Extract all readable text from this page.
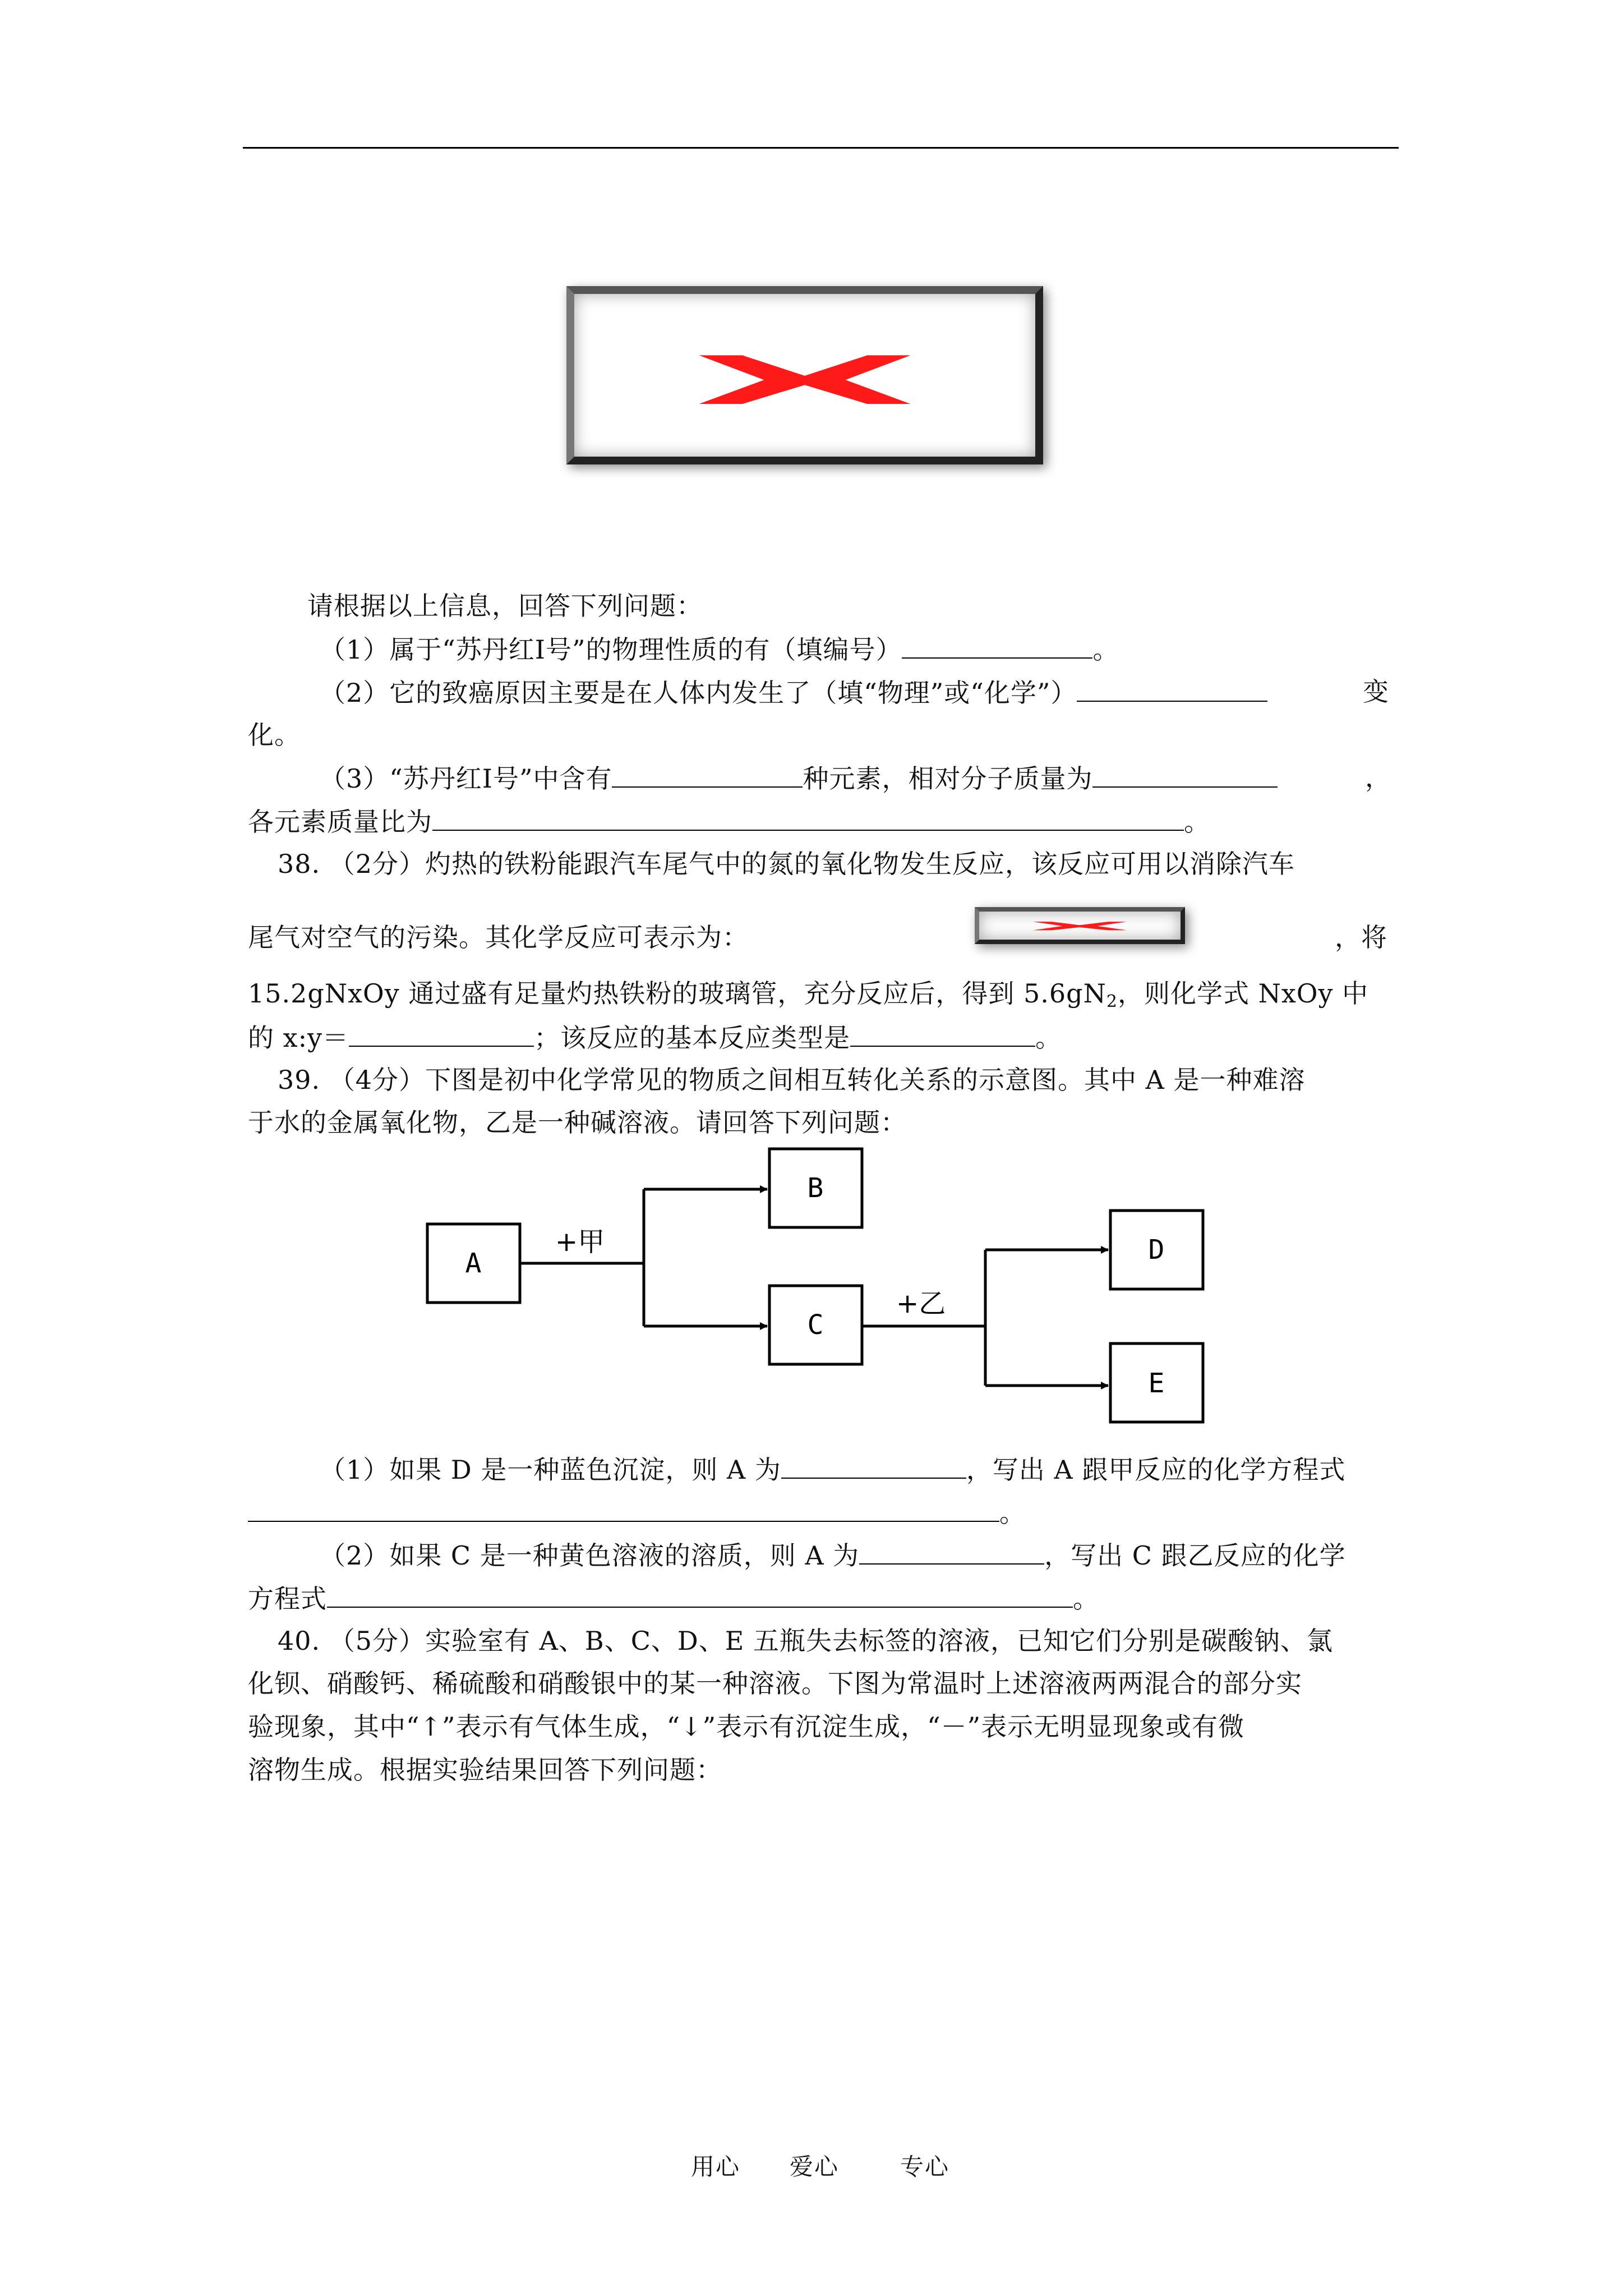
请根据以上信息，回答下列问题：
（1）属于“苏丹红Ⅰ号”的物理性质的有（填编号）	。
（2）它的致癌原因主要是在人体内发生了（填“物理”或“化学”）	变
化。
（3）“苏丹红Ⅰ号”中含有	种元素，相对分子质量为	，
各元素质量比为	。
38. （2分）灼热的铁粉能跟汽车尾气中的氮的氧化物发生反应，该反应可用以消除汽车
尾气对空气的污染。其化学反应可表示为：	，将
15.2gNxOy 通过盛有足量灼热铁粉的玻璃管，充分反应后，得到 $5.6gN_2$，则化学式 NxOy 中
的 x:y＝	；该反应的基本反应类型是	。
39. （4分）下图是初中化学常见的物质之间相互转化关系的示意图。其中 A 是一种难溶
于水的金属氧化物，乙是一种碱溶液。请回答下列问题：
A
B
C
D
E
+甲
+乙
（1）如果 D 是一种蓝色沉淀，则 A 为	，写出 A 跟甲反应的化学方程式
。
（2）如果 C 是一种黄色溶液的溶质，则 A 为	，写出 C 跟乙反应的化学
方程式	。
40. （5分）实验室有 A、B、C、D、E 五瓶失去标签的溶液，已知它们分别是碳酸钠、氯
化钡、硝酸钙、稀硫酸和硝酸银中的某一种溶液。下图为常温时上述溶液两两混合的部分实
验现象，其中“↑”表示有气体生成，“↓”表示有沉淀生成，“－”表示无明显现象或有微
溶物生成。根据实验结果回答下列问题：
用心 爱心	专心
